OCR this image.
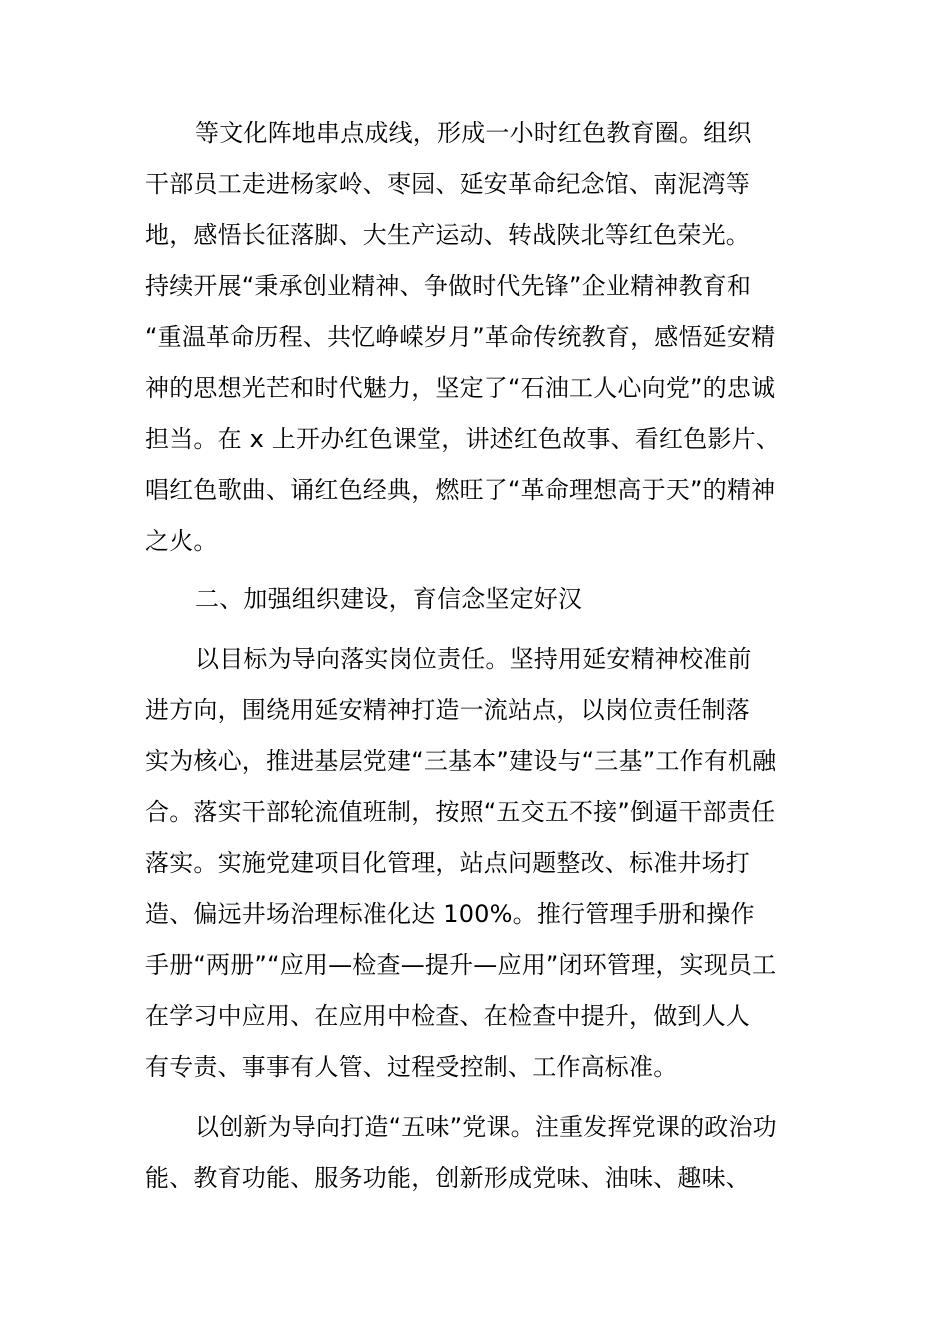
等文化阵地串点成线，形成一小时红色教育圈。组织
干部员工走进杨家岭、枣园、延安革命纪念馆、南泥湾等
地，感悟长征落脚、大生产运动、转战陕北等红色荣光。
持续开展“秉承创业精神、争做时代先锋”企业精神教育和
“重温革命历程、共忆峥嵘岁月”革命传统教育，感悟延安精
神的思想光芒和时代魅力，坚定了“石油工人心向党”的忠诚
担当。在 x 上开办红色课堂，讲述红色故事、看红色影片、
唱红色歌曲、诵红色经典，燃旺了“革命理想高于天”的精神
之火。
二、加强组织建设，育信念坚定好汉
以目标为导向落实岗位责任。坚持用延安精神校准前
进方向，围绕用延安精神打造一流站点，以岗位责任制落
实为核心，推进基层党建“三基本”建设与“三基”工作有机融
合。落实干部轮流值班制，按照“五交五不接”倒逼干部责任
落实。实施党建项目化管理，站点问题整改、标准井场打
造、偏远井场治理标准化达 100%。推行管理手册和操作
手册“两册”“应用—检查—提升—应用”闭环管理，实现员工
在学习中应用、在应用中检查、在检查中提升，做到人人
有专责、事事有人管、过程受控制、工作高标准。
以创新为导向打造“五味”党课。注重发挥党课的政治功
能、教育功能、服务功能，创新形成党味、油味、趣味、
